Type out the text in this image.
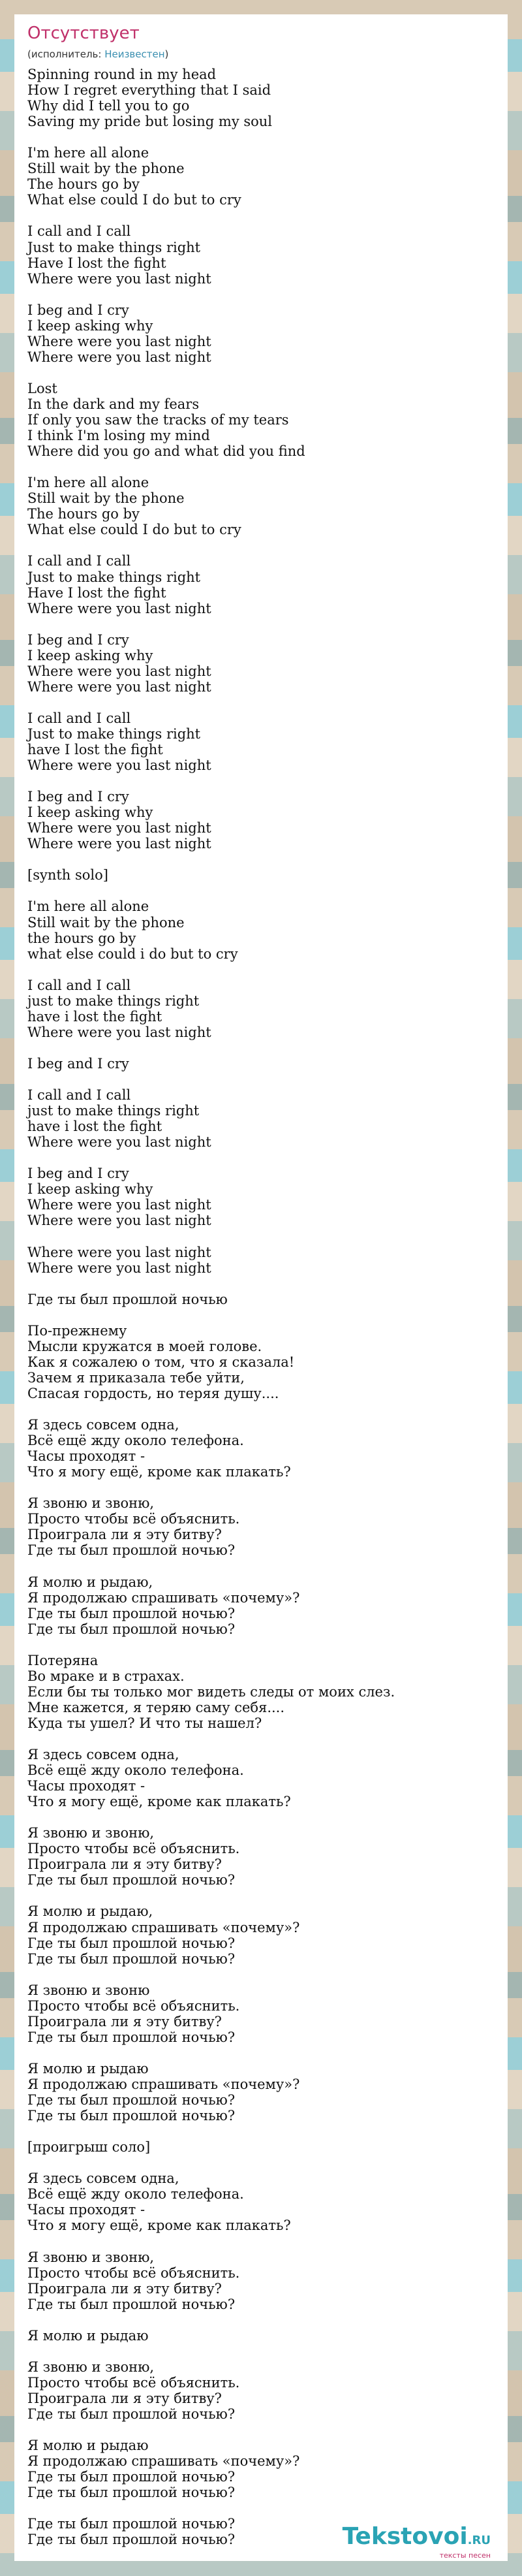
Отсутствует
(исполнитель: Неизвестен)
Spinning round in my head
How I regret everything that I said
Why did I tell you to go
Saving my pride but losing my soul
I'm here all alone
Still wait by the phone
The hours go by
What else could I do but to cry
I call and I call
Just to make things right
Have I lost the fight
Where were you last night
I beg and I cry
I keep asking why
Where were you last night
Where were you last night
Lost
In the dark and my fears
If only you saw the tracks of my tears
I think I'm losing my mind
Where did you go and what did you find
I'm here all alone
Still wait by the phone
The hours go by
What else could I do but to cry
I call and I call
Just to make things right
Have I lost the fight
Where were you last night
I beg and I cry
I keep asking why
Where were you last night
Where were you last night
I call and I call
Just to make things right
have I lost the fight
Where were you last night
I beg and I cry
I keep asking why
Where were you last night
Where were you last night
[synth solo]
I'm here all alone
Still wait by the phone
the hours go by
what else could i do but to cry
I call and I call
just to make things right
have i lost the fight
Where were you last night
I beg and I cry
I call and I call
just to make things right
have i lost the fight
Where were you last night
I beg and I cry
I keep asking why
Where were you last night
Where were you last night
Where were you last night
Where were you last night
Где ты был прошлой ночью
По-прежнему
Мысли кружатся в моей голове.
Как я сожалею о том, что я сказала!
Зачем я приказала тебе уйти,
Спасая гордость, но теряя душу....
Я здесь совсем одна,
Всё ещё жду около телефона.
Часы проходят -
Что я могу ещё, кроме как плакать?
Я звоню и звоню,
Просто чтобы всё объяснить.
Проиграла ли я эту битву?
Где ты был прошлой ночью?
Я молю и рыдаю,
Я продолжаю спрашивать «почему»?
Где ты был прошлой ночью?
Где ты был прошлой ночью?
Потеряна
Во мраке и в страхах.
Если бы ты только мог видеть следы от моих слез.
Мне кажется, я теряю саму себя....
Куда ты ушел? И что ты нашел?
Я здесь совсем одна,
Всё ещё жду около телефона.
Часы проходят -
Что я могу ещё, кроме как плакать?
Я звоню и звоню,
Просто чтобы всё объяснить.
Проиграла ли я эту битву?
Где ты был прошлой ночью?
Я молю и рыдаю,
Я продолжаю спрашивать «почему»?
Где ты был прошлой ночью?
Где ты был прошлой ночью?
Я звоню и звоню
Просто чтобы всё объяснить.
Проиграла ли я эту битву?
Где ты был прошлой ночью?
Я молю и рыдаю
Я продолжаю спрашивать «почему»?
Где ты был прошлой ночью?
Где ты был прошлой ночью?
[проигрыш соло]
Я здесь совсем одна,
Всё ещё жду около телефона.
Часы проходят -
Что я могу ещё, кроме как плакать?
Я звоню и звоню,
Просто чтобы всё объяснить.
Проиграла ли я эту битву?
Где ты был прошлой ночью?
Я молю и рыдаю
Я звоню и звоню,
Просто чтобы всё объяснить.
Проиграла ли я эту битву?
Где ты был прошлой ночью?
Я молю и рыдаю
Я продолжаю спрашивать «почему»?
Где ты был прошлой ночью?
Где ты был прошлой ночью?
Где ты был прошлой ночью?
Где ты был прошлой ночью?	Tekstovoi.RU
тексты песен
